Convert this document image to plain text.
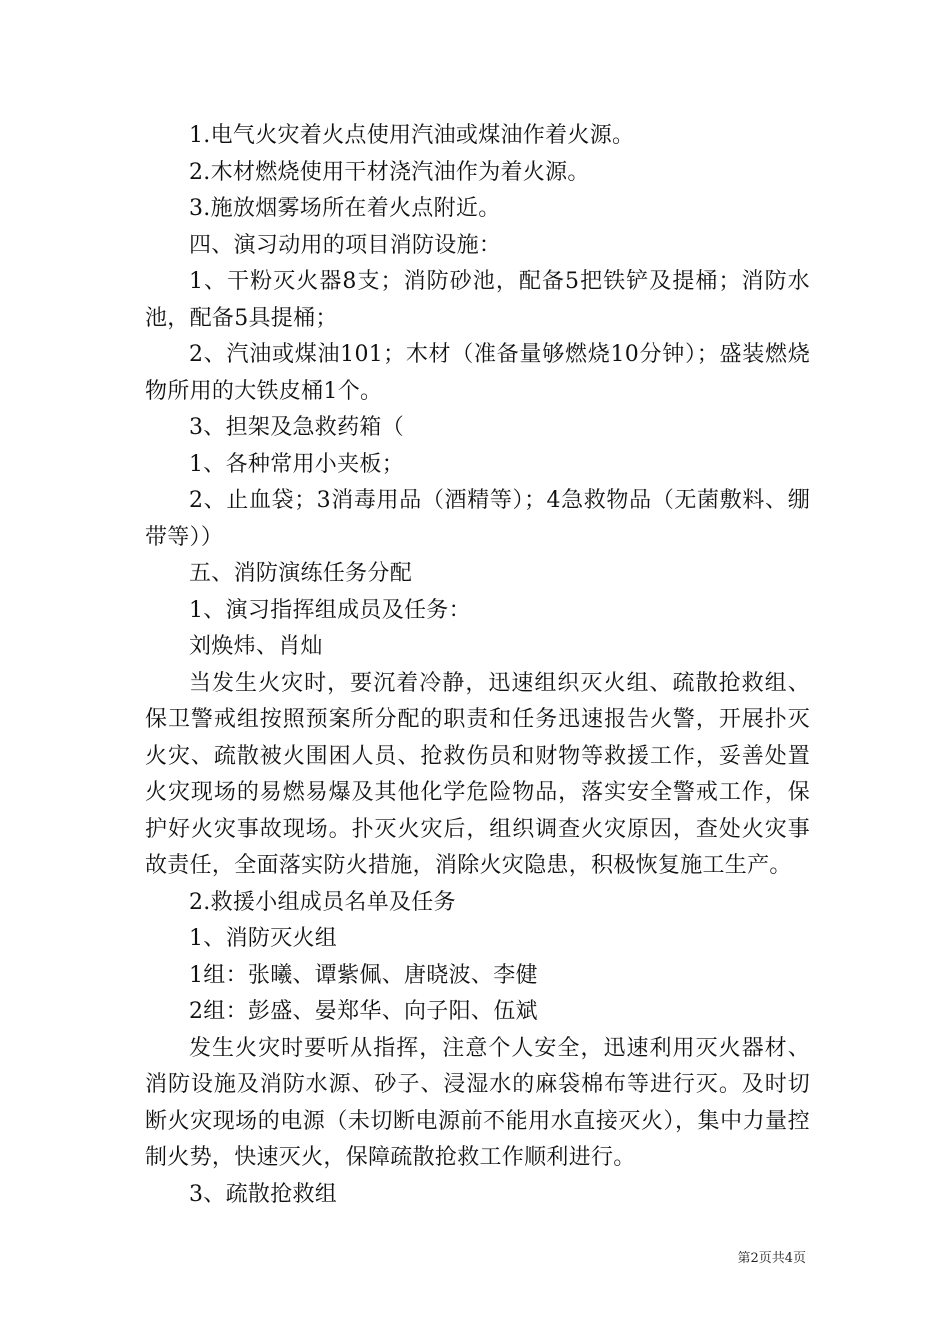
1.电气火灾着火点使用汽油或煤油作着火源。

2.木材燃烧使用干材浇汽油作为着火源。

3.施放烟雾场所在着火点附近。

四、演习动用的项目消防设施：

1、干粉灭火器8支；消防砂池，配备5把铁铲及提桶；消防水池，配备5具提桶；

2、汽油或煤油101；木材（准备量够燃烧10分钟）；盛装燃烧物所用的大铁皮桶1个。

3、担架及急救药箱（

1、各种常用小夹板；

2、止血袋；3消毒用品（酒精等）；4急救物品（无菌敷料、绷带等））

五、消防演练任务分配

1、演习指挥组成员及任务：

刘焕炜、肖灿

当发生火灾时，要沉着冷静，迅速组织灭火组、疏散抢救组、保卫警戒组按照预案所分配的职责和任务迅速报告火警，开展扑灭火灾、疏散被火围困人员、抢救伤员和财物等救援工作，妥善处置火灾现场的易燃易爆及其他化学危险物品，落实安全警戒工作，保护好火灾事故现场。扑灭火灾后，组织调查火灾原因，查处火灾事故责任，全面落实防火措施，消除火灾隐患，积极恢复施工生产。

2.救援小组成员名单及任务

1、消防灭火组

1组：张曦、谭紫佩、唐晓波、李健

2组：彭盛、晏郑华、向子阳、伍斌

发生火灾时要听从指挥，注意个人安全，迅速利用灭火器材、消防设施及消防水源、砂子、浸湿水的麻袋棉布等进行灭。及时切断火灾现场的电源（未切断电源前不能用水直接灭火），集中力量控制火势，快速灭火，保障疏散抢救工作顺利进行。

3、疏散抢救组

第2页共4页
